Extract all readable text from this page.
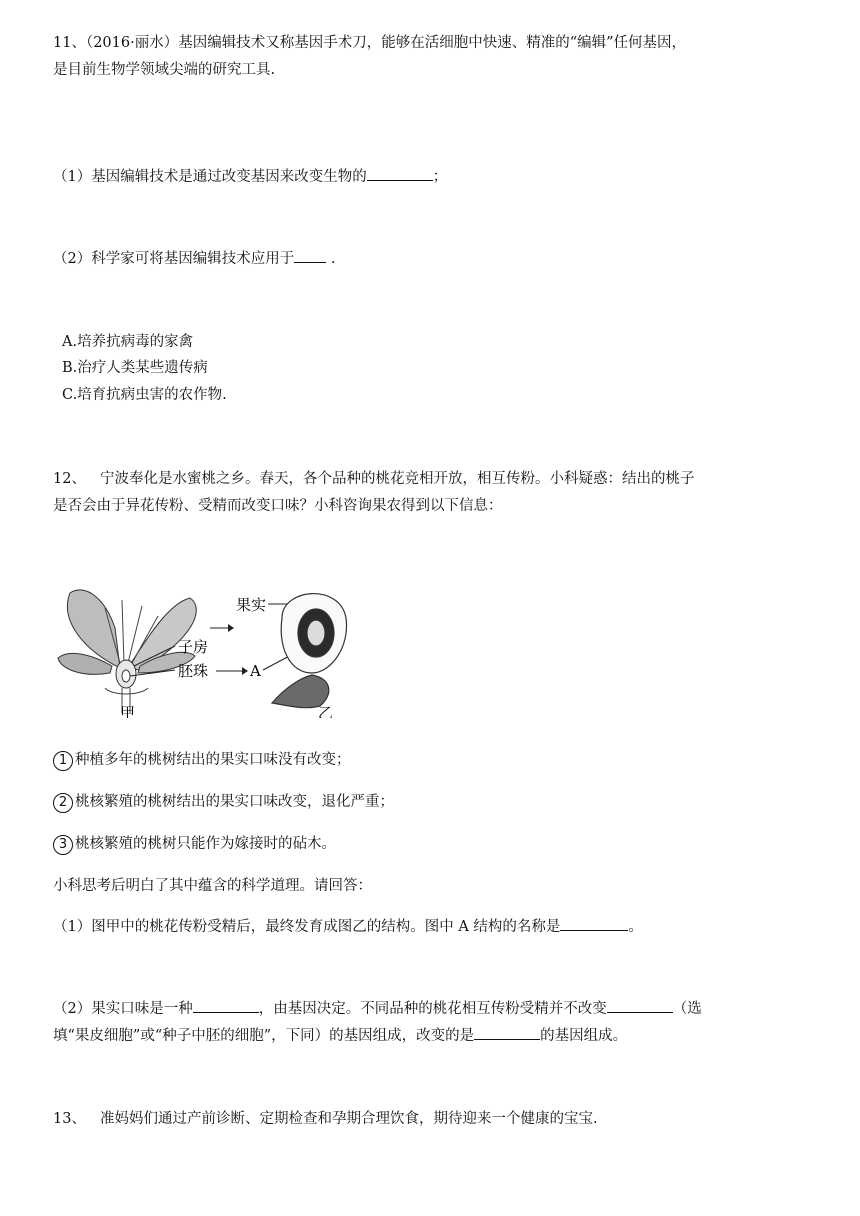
11、（2016·丽水）基因编辑技术又称基因手术刀，能够在活细胞中快速、精准的“编辑”任何基因，
是目前生物学领域尖端的研究工具.
（1）基因编辑技术是通过改变基因来改变生物的	；
（2）科学家可将基因编辑技术应用于 .
A.培养抗病毒的家禽
B.治疗人类某些遗传病
C.培育抗病虫害的农作物.
12、 宁波奉化是水蜜桃之乡。春天，各个品种的桃花竞相开放，相互传粉。小科疑惑：结出的桃子
是否会由于异花传粉、受精而改变口味？小科咨询果农得到以下信息：
子房
胚珠
果实
A
甲	乙
1 种植多年的桃树结出的果实口味没有改变；
2 桃核繁殖的桃树结出的果实口味改变，退化严重；
3 桃核繁殖的桃树只能作为嫁接时的砧木。
小科思考后明白了其中蕴含的科学道理。请回答：
（1）图甲中的桃花传粉受精后，最终发育成图乙的结构。图中 A 结构的名称是	。
（2）果实口味是一种	，由基因决定。不同品种的桃花相互传粉受精并不改变	（选
填“果皮细胞”或“种子中胚的细胞”，下同）的基因组成，改变的是	的基因组成。
13、 准妈妈们通过产前诊断、定期检查和孕期合理饮食，期待迎来一个健康的宝宝.
